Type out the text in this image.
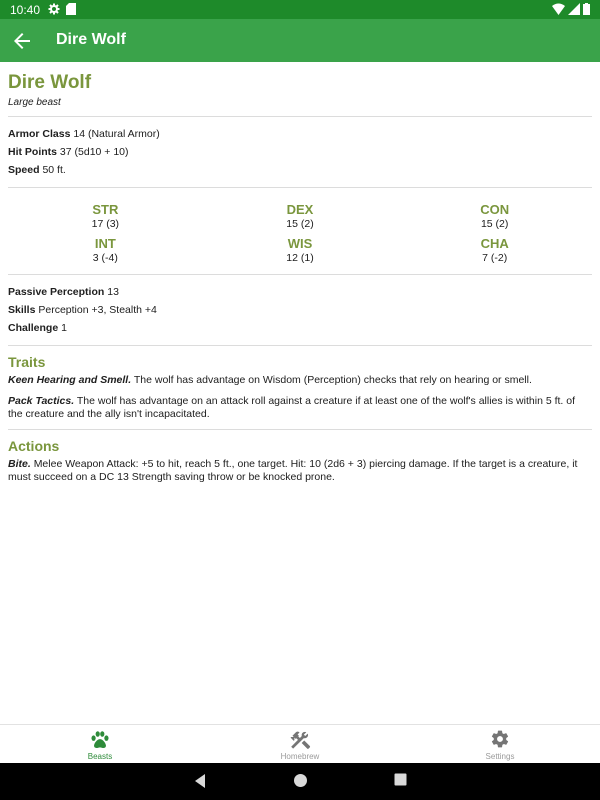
10:40
Dire Wolf
Dire Wolf
Large beast
Armor Class 14 (Natural Armor)
Hit Points 37 (5d10 + 10)
Speed 50 ft.
STR
17 (3)
DEX
15 (2)
CON
15 (2)
INT
3 (-4)
WIS
12 (1)
CHA
7 (-2)
Passive Perception 13
Skills Perception +3, Stealth +4
Challenge 1
Traits
Keen Hearing and Smell. The wolf has advantage on Wisdom (Perception) checks that rely on hearing or smell.
Pack Tactics. The wolf has advantage on an attack roll against a creature if at least one of the wolf's allies is within 5 ft. of the creature and the ally isn't incapacitated.
Actions
Bite. Melee Weapon Attack: +5 to hit, reach 5 ft., one target. Hit: 10 (2d6 + 3) piercing damage. If the target is a creature, it must succeed on a DC 13 Strength saving throw or be knocked prone.
Beasts	Homebrew	Settings
